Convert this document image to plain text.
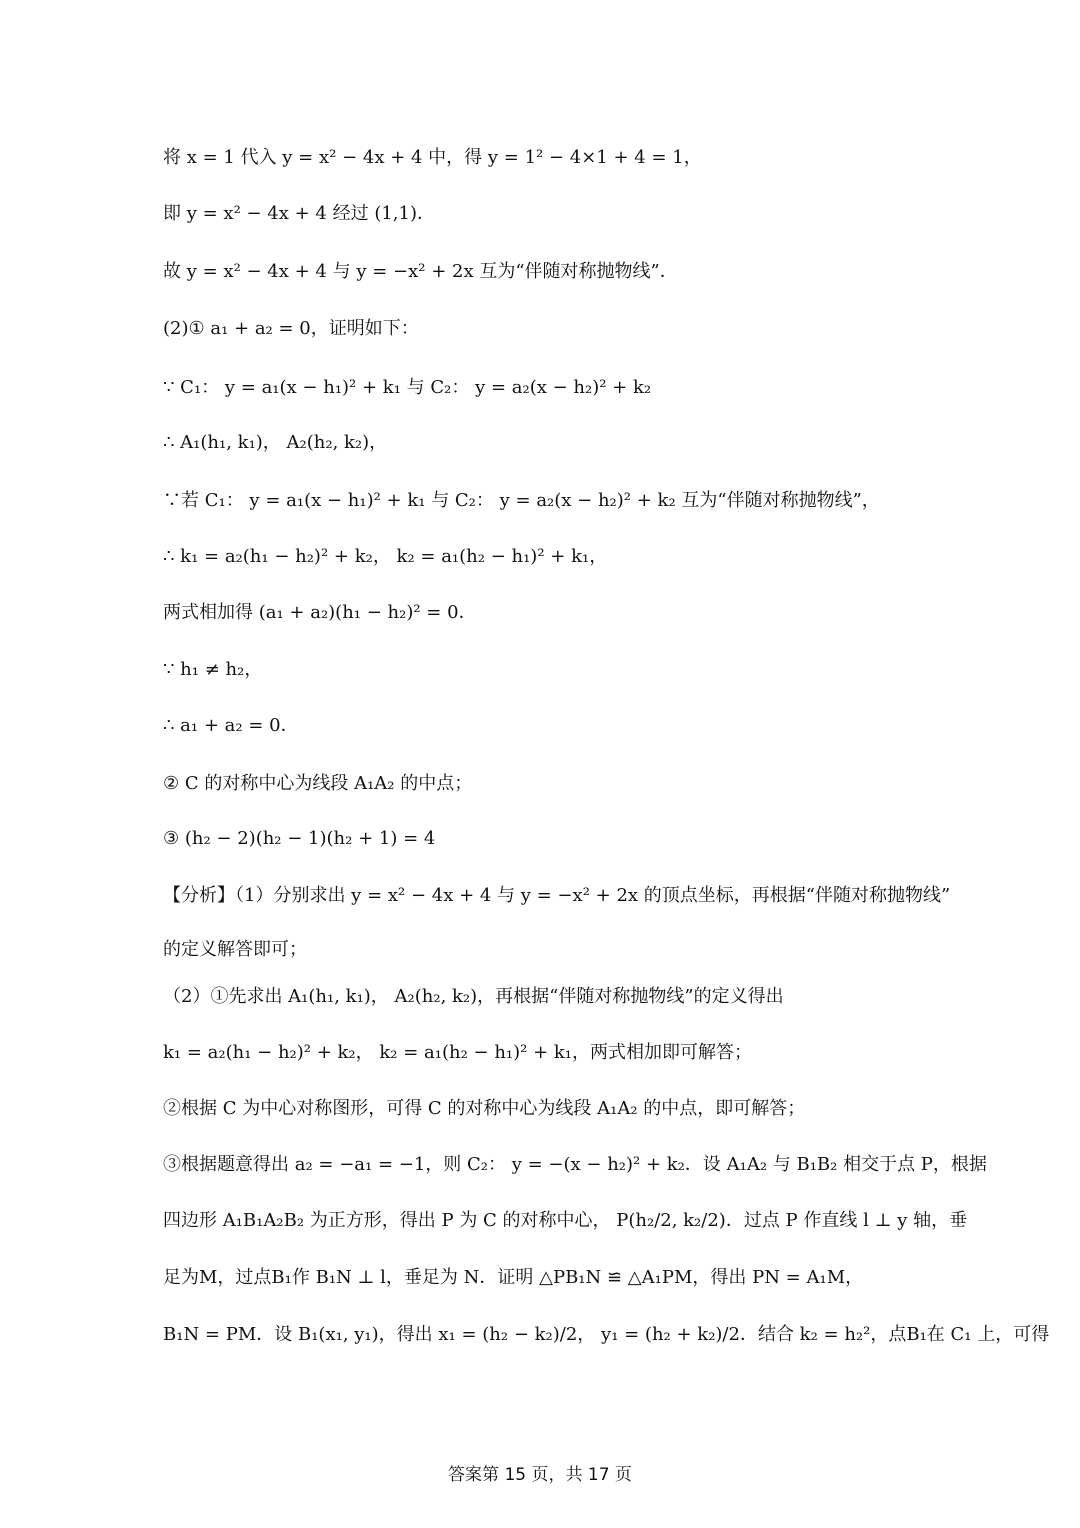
将 x = 1 代入 y = x² − 4x + 4 中，得 y = 1² − 4×1 + 4 = 1，
即 y = x² − 4x + 4 经过 (1,1)．
故 y = x² − 4x + 4 与 y = −x² + 2x 互为“伴随对称抛物线”．
(2)① a₁ + a₂ = 0，证明如下：
∵ C₁： y = a₁(x − h₁)² + k₁ 与 C₂： y = a₂(x − h₂)² + k₂
∴ A₁(h₁, k₁)， A₂(h₂, k₂)，
∵若 C₁： y = a₁(x − h₁)² + k₁ 与 C₂： y = a₂(x − h₂)² + k₂ 互为“伴随对称抛物线”，
∴ k₁ = a₂(h₁ − h₂)² + k₂， k₂ = a₁(h₂ − h₁)² + k₁，
两式相加得 (a₁ + a₂)(h₁ − h₂)² = 0．
∵ h₁ ≠ h₂，
∴ a₁ + a₂ = 0．
② C 的对称中心为线段 A₁A₂ 的中点；
③ (h₂ − 2)(h₂ − 1)(h₂ + 1) = 4
【分析】（1）分别求出 y = x² − 4x + 4 与 y = −x² + 2x 的顶点坐标，再根据“伴随对称抛物线”
的定义解答即可；
（2）①先求出 A₁(h₁, k₁)， A₂(h₂, k₂)，再根据“伴随对称抛物线”的定义得出
k₁ = a₂(h₁ − h₂)² + k₂， k₂ = a₁(h₂ − h₁)² + k₁，两式相加即可解答；
②根据 C 为中心对称图形，可得 C 的对称中心为线段 A₁A₂ 的中点，即可解答；
③根据题意得出 a₂ = −a₁ = −1，则 C₂： y = −(x − h₂)² + k₂．设 A₁A₂ 与 B₁B₂ 相交于点 P，根据
四边形 A₁B₁A₂B₂ 为正方形，得出 P 为 C 的对称中心， P(h₂/2, k₂/2)．过点 P 作直线 l ⊥ y 轴，垂
足为M，过点B₁作 B₁N ⊥ l，垂足为 N．证明 △PB₁N ≌ △A₁PM，得出 PN = A₁M，
B₁N = PM．设 B₁(x₁, y₁)，得出 x₁ = (h₂ − k₂)/2， y₁ = (h₂ + k₂)/2．结合 k₂ = h₂²，点B₁在 C₁ 上，可得
答案第 15 页，共 17 页
